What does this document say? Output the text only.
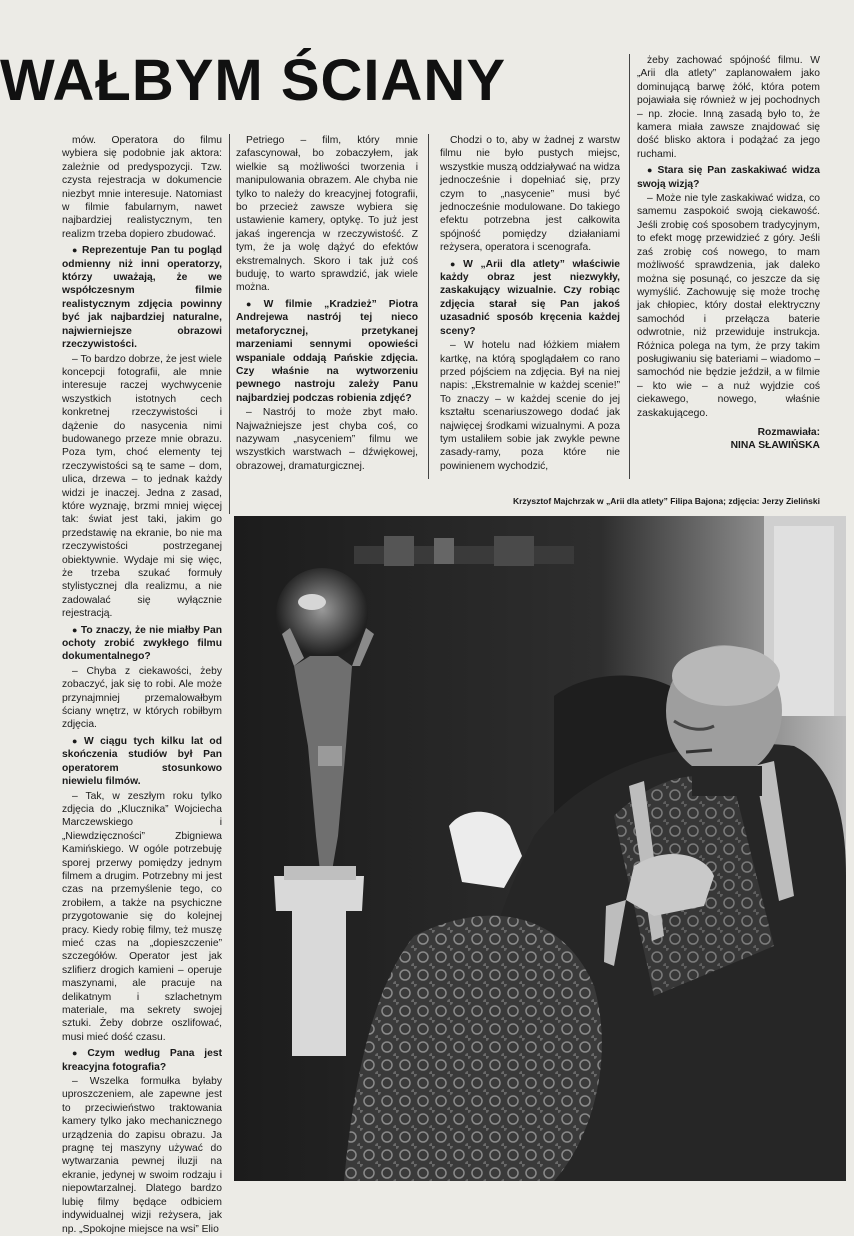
WAŁBYM ŚCIANY

mów. Operatora do filmu wybiera się podobnie jak aktora: zależnie od predyspozycji. Tzw. czysta rejestracja w dokumencie niezbyt mnie interesuje. Natomiast w filmie fabularnym, nawet najbardziej realistycznym, ten realizm trzeba dopiero zbudować.

● Reprezentuje Pan tu pogląd odmienny niż inni operatorzy, którzy uważają, że we współczesnym filmie realistycznym zdjęcia powinny być jak najbardziej naturalne, najwierniejsze obrazowi rzeczywistości.

– To bardzo dobrze, że jest wiele koncepcji fotografii, ale mnie interesuje raczej wychwycenie wszystkich istotnych cech konkretnej rzeczywistości i dążenie do nasycenia nimi budowanego przeze mnie obrazu. Poza tym, choć elementy tej rzeczywistości są te same – dom, ulica, drzewa – to jednak każdy widzi je inaczej. Jedna z zasad, które wyznaję, brzmi mniej więcej tak: świat jest taki, jakim go przedstawię na ekranie, bo nie ma rzeczywistości postrzeganej obiektywnie. Wydaje mi się więc, że trzeba szukać formuły stylistycznej dla realizmu, a nie zadowalać się wyłącznie rejestracją.

● To znaczy, że nie miałby Pan ochoty zrobić zwykłego filmu dokumentalnego?

– Chyba z ciekawości, żeby zobaczyć, jak się to robi. Ale może przynajmniej przemalowałbym ściany wnętrz, w których robiłbym zdjęcia.

● W ciągu tych kilku lat od skończenia studiów był Pan operatorem stosunkowo niewielu filmów.

– Tak, w zeszłym roku tylko zdjęcia do „Klucznika” Wojciecha Marczewskiego i „Niewdzięczności” Zbigniewa Kamińskiego. W ogóle potrzebuję sporej przerwy pomiędzy jednym filmem a drugim. Potrzebny mi jest czas na przemyślenie tego, co zrobiłem, a także na psychiczne przygotowanie się do kolejnej pracy. Kiedy robię filmy, też muszę mieć czas na „dopieszczenie” szczegółów. Operator jest jak szlifierz drogich kamieni – operuje maszynami, ale pracuje na delikatnym i szlachetnym materiale, ma sekrety swojej sztuki. Żeby dobrze oszlifować, musi mieć dość czasu.

● Czym według Pana jest kreacyjna fotografia?

– Wszelka formułka byłaby uproszczeniem, ale zapewne jest to przeciwieństwo traktowania kamery tylko jako mechanicznego urządzenia do zapisu obrazu. Ja pragnę tej maszyny używać do wytwarzania pewnej iluzji na ekranie, jedynej w swoim rodzaju i niepowtarzalnej. Dlatego bardzo lubię filmy będące odbiciem indywidualnej wizji reżysera, jak np. „Spokojne miejsce na wsi” Elio

Petriego – film, który mnie zafascynował, bo zobaczyłem, jak wielkie są możliwości tworzenia i manipulowania obrazem. Ale chyba nie tylko to należy do kreacyjnej fotografii, bo przecież zawsze wybiera się ustawienie kamery, optykę. To już jest jakaś ingerencja w rzeczywistość. Z tym, że ja wolę dążyć do efektów ekstremalnych. Skoro i tak już coś buduję, to warto sprawdzić, jak wiele można.

● W filmie „Kradzież” Piotra Andrejewa nastrój tej nieco metaforycznej, przetykanej marzeniami sennymi opowieści wspaniale oddają Pańskie zdjęcia. Czy właśnie na wytworzeniu pewnego nastroju zależy Panu najbardziej podczas robienia zdjęć?

– Nastrój to może zbyt mało. Najważniejsze jest chyba coś, co nazywam „nasyceniem” filmu we wszystkich warstwach – dźwiękowej, obrazowej, dramaturgicznej.

Chodzi o to, aby w żadnej z warstw filmu nie było pustych miejsc, wszystkie muszą oddziaływać na widza jednocześnie i dopełniać się, przy czym to „nasycenie” musi być jednocześnie modulowane. Do takiego efektu potrzebna jest całkowita spójność pomiędzy działaniami reżysera, operatora i scenografa.

● W „Arii dla atlety” właściwie każdy obraz jest niezwykły, zaskakujący wizualnie. Czy robiąc zdjęcia starał się Pan jakoś uzasadnić sposób kręcenia każdej sceny?

– W hotelu nad łóżkiem miałem kartkę, na którą spoglądałem co rano przed pójściem na zdjęcia. Był na niej napis: „Ekstremalnie w każdej scenie!” To znaczy – w każdej scenie do jej kształtu scenariuszowego dodać jak najwięcej środkami wizualnymi. A poza tym ustaliłem sobie jak zwykle pewne zasady-ramy, poza które nie powinienem wychodzić,

żeby zachować spójność filmu. W „Arii dla atlety” zaplanowałem jako dominującą barwę żółć, która potem pojawiała się również w jej pochodnych – np. złocie. Inną zasadą było to, że kamera miała zawsze znajdować się dość blisko aktora i podążać za jego ruchami.

● Stara się Pan zaskakiwać widza swoją wizją?

– Może nie tyle zaskakiwać widza, co samemu zaspokoić swoją ciekawość. Jeśli zrobię coś sposobem tradycyjnym, to efekt mogę przewidzieć z góry. Jeśli zaś zrobię coś nowego, to mam możliwość sprawdzenia, jak daleko można się posunąć, co jeszcze da się wymyślić. Zachowuję się może trochę jak chłopiec, który dostał elektryczny samochód i przełącza baterie odwrotnie, niż przewiduje instrukcja. Różnica polega na tym, że przy takim posługiwaniu się bateriami – wiadomo – samochód nie będzie jeździł, a w filmie – kto wie – a nuż wyjdzie coś ciekawego, nowego, właśnie zaskakującego.

Rozmawiała:
NINA SŁAWIŃSKA
Krzysztof Majchrzak w „Arii dla atlety” Filipa Bajona; zdjęcia: Jerzy Zieliński
